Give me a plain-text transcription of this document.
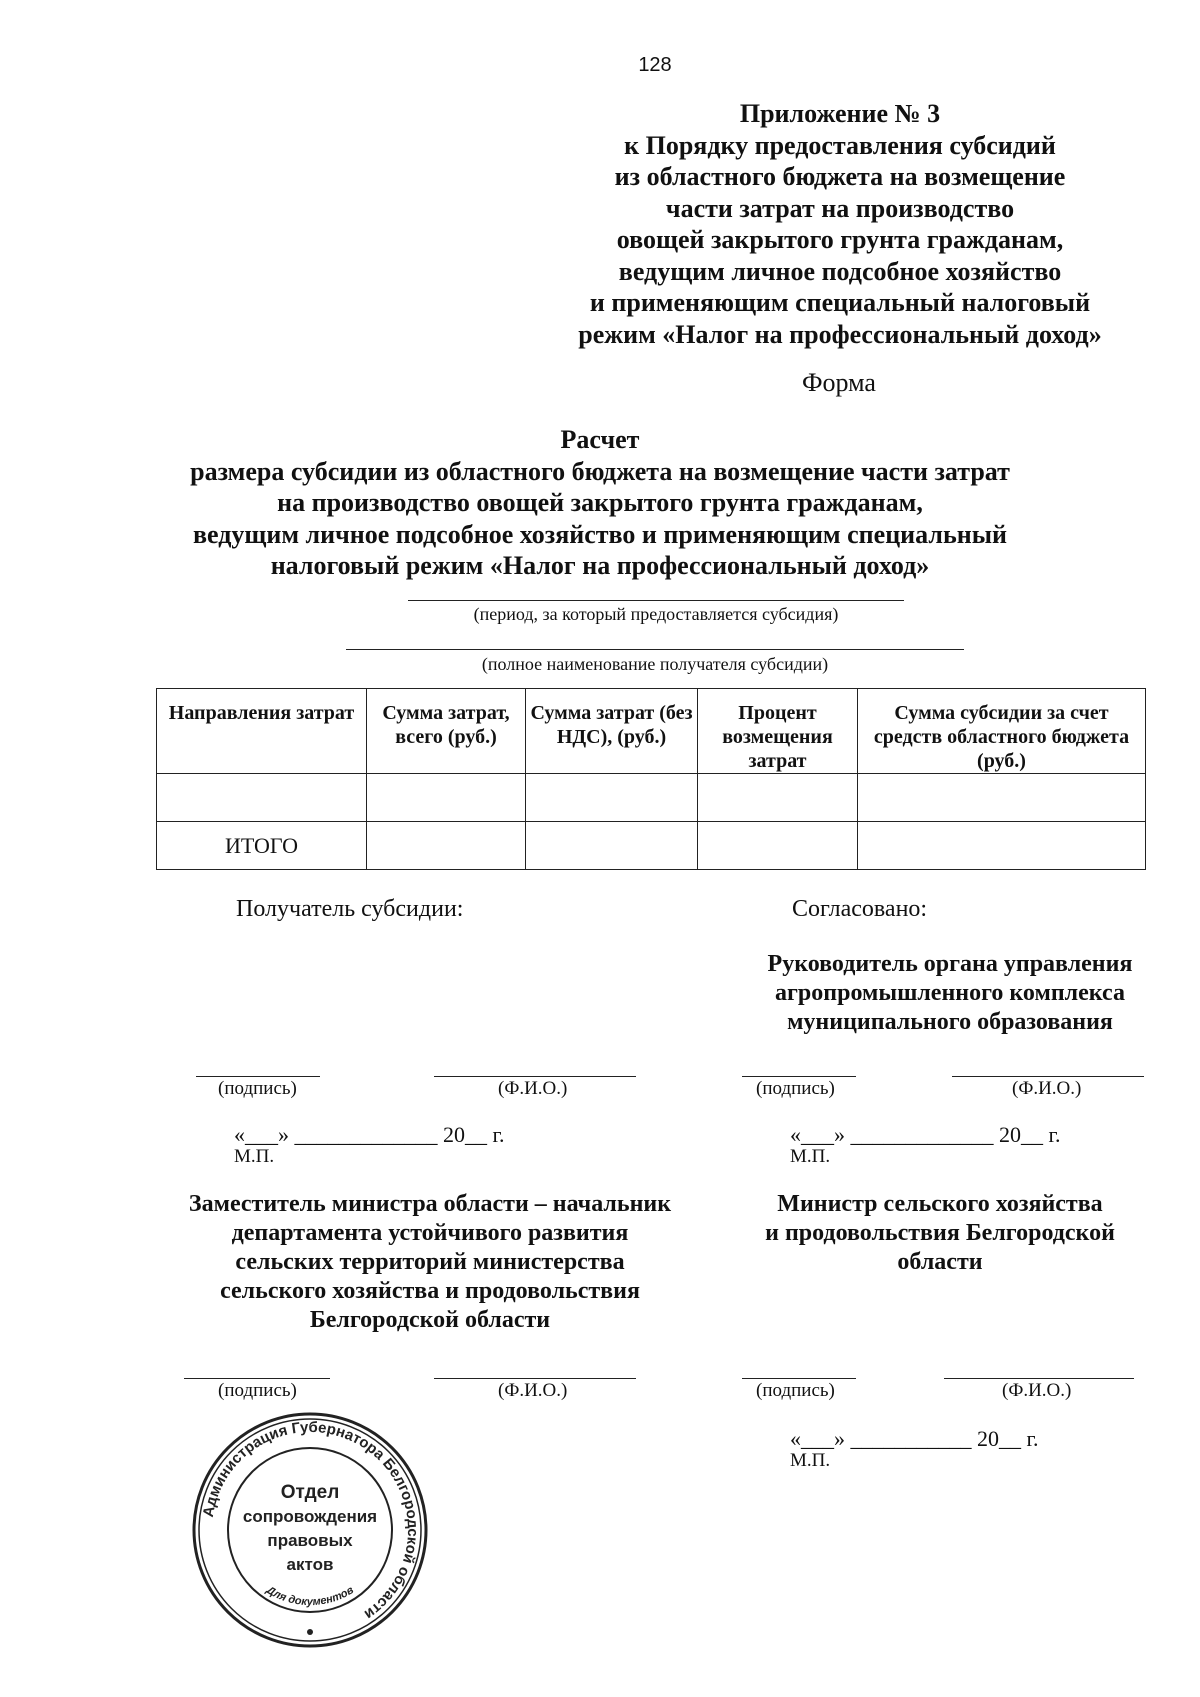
128
Приложение № 3
к Порядку предоставления субсидий
из областного бюджета на возмещение
части затрат на производство
овощей закрытого грунта гражданам,
ведущим личное подсобное хозяйство
и применяющим специальный налоговый
режим «Налог на профессиональный доход»
Форма
Расчет
размера субсидии из областного бюджета на возмещение части затрат
на производство овощей закрытого грунта гражданам,
ведущим личное подсобное хозяйство и применяющим специальный
налоговый режим «Налог на профессиональный доход»
(период, за который предоставляется субсидия)
(полное наименование получателя субсидии)
Направления затрат	Сумма затрат, всего (руб.)	Сумма затрат (без НДС), (руб.)	Процент возмещения затрат	Сумма субсидии за счет средств областного бюджета (руб.)

ИТОГО				
Получатель субсидии:	Согласовано:
Руководитель органа управления
агропромышленного комплекса
муниципального образования
(подпись)	(Ф.И.О.)	(подпись)	(Ф.И.О.)
«___» _____________ 20__ г.
М.П.
«___» _____________ 20__ г.
М.П.
Заместитель министра области – начальник
департамента устойчивого развития
сельских территорий министерства
сельского хозяйства и продовольствия
Белгородской области
Министр сельского хозяйства
и продовольствия Белгородской
области
(подпись)	(Ф.И.О.)	(подпись)	(Ф.И.О.)
«___» ___________ 20__ г.
М.П.
Администрация Губернатора Белгородской области
Для документов
Отдел
сопровождения
правовых
актов
